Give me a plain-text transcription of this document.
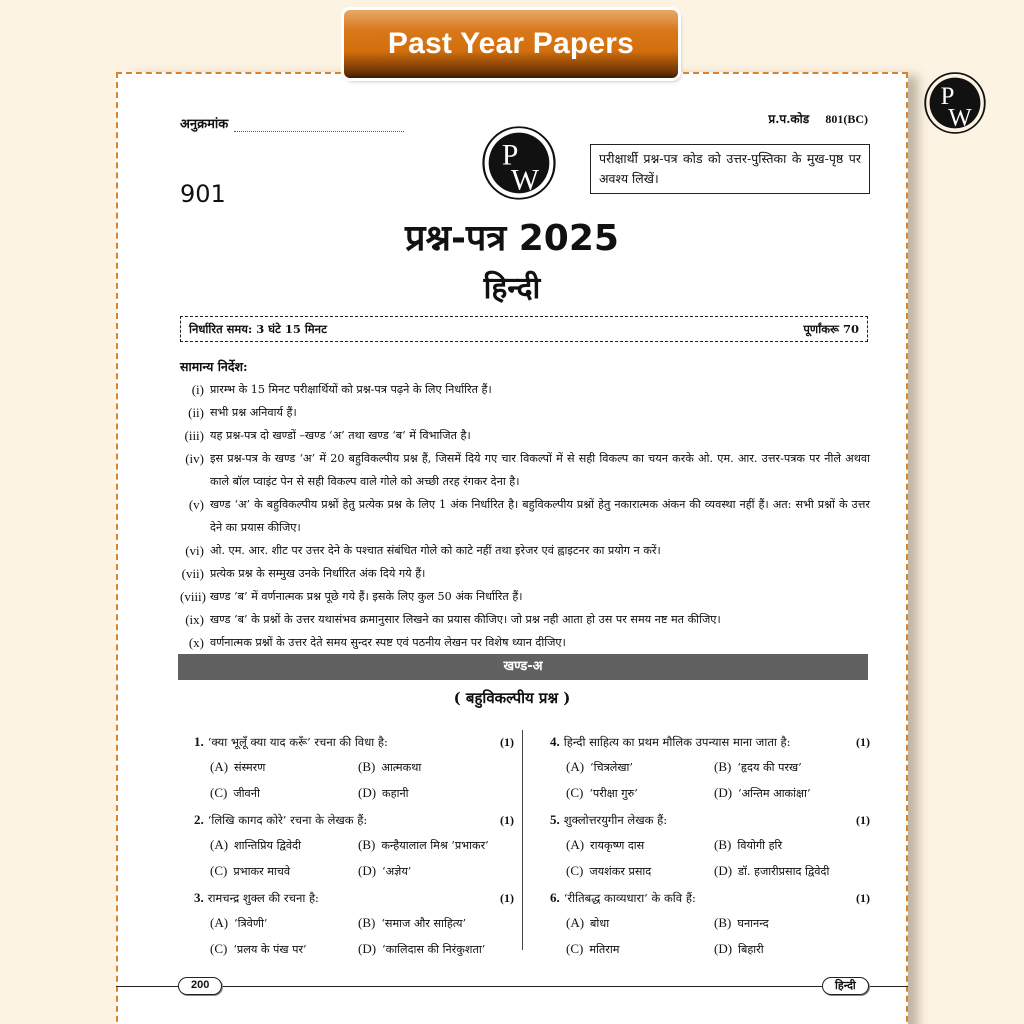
Past Year Papers
P
W
अनुक्रमांक	प्र.प.कोड 801(BC)
901
P
W
परीक्षार्थी प्रश्न-पत्र कोड को उत्तर-पुस्तिका के मुख-पृष्ठ पर अवश्य लिखें।
प्रश्न-पत्र 2025
हिन्दी
निर्धारित समय: 3 घंटे 15 मिनट	पूर्णांकरू 70
सामान्य निर्देश:
(i) प्रारम्भ के 15 मिनट परीक्षार्थियों को प्रश्न-पत्र पढ़ने के लिए निर्धारित हैं।
(ii) सभी प्रश्न अनिवार्य हैं।
(iii) यह प्रश्न-पत्र दो खण्डों –खण्ड ‘अ’ तथा खण्ड ‘ब’ में विभाजित है।
(iv) इस प्रश्न-पत्र के खण्ड ‘अ’ में 20 बहुविकल्पीय प्रश्न हैं, जिसमें दिये गए चार विकल्पों में से सही विकल्प का चयन करके ओ. एम. आर. उत्तर-पत्रक पर नीले अथवा काले बॉल प्वाइंट पेन से सही विकल्प वाले गोले को अच्छी तरह रंगकर देना है।
(v) खण्ड ‘अ’ के बहुविकल्पीय प्रश्नों हेतु प्रत्येक प्रश्न के लिए 1 अंक निर्धारित है। बहुविकल्पीय प्रश्नों हेतु नकारात्मक अंकन की व्यवस्था नहीं हैं। अत: सभी प्रश्नों के उत्तर देने का प्रयास कीजिए।
(vi) ओ. एम. आर. शीट पर उत्तर देने के पश्चात संबंधित गोले को काटे नहीं तथा इरेजर एवं ह्वाइटनर का प्रयोग न करें।
(vii) प्रत्येक प्रश्न के सम्मुख उनके निर्धारित अंक दिये गये हैं।
(viii) खण्ड ‘ब’ में वर्णनात्मक प्रश्न पूछे गये हैं। इसके लिए कुल 50 अंक निर्धारित हैं।
(ix) खण्ड ‘ब’ के प्रश्नों के उत्तर यथासंभव क्रमानुसार लिखने का प्रयास कीजिए। जो प्रश्न नही आता हो उस पर समय नष्ट मत कीजिए।
(x) वर्णनात्मक प्रश्नों के उत्तर देते समय सुन्दर स्पष्ट एवं पठनीय लेखन पर विशेष ध्यान दीजिए।
खण्ड-अ
( बहुविकल्पीय प्रश्न )
1. ‘क्या भूलूँ क्या याद करूँ’ रचना की विधा है:	(1)
(A) संस्मरण	(B) आत्मकथा
(C) जीवनी	(D) कहानी
2. ‘लिखि कागद कोरे’ रचना के लेखक हैं:	(1)
(A) शान्तिप्रिय द्विवेदी	(B) कन्हैयालाल मिश्र ‘प्रभाकर’
(C) प्रभाकर माचवे	(D) ‘अज्ञेय’
3. रामचन्द्र शुक्ल की रचना है:	(1)
(A) ‘त्रिवेणी’	(B) ‘समाज और साहित्य’
(C) ‘प्रलय के पंख पर’	(D) ‘कालिदास की निरंकुशता’
4. हिन्दी साहित्य का प्रथम मौलिक उपन्यास माना जाता है:	(1)
(A) ‘चित्रलेखा’	(B) ‘हृदय की परख’
(C) ‘परीक्षा गुरु’	(D) ‘अन्तिम आकांक्षा’
5. शुक्लोत्तरयुगीन लेखक हैं:	(1)
(A) रायकृष्ण दास	(B) वियोगी हरि
(C) जयशंकर प्रसाद	(D) डॉ. हजारीप्रसाद द्विवेदी
6. ‘रीतिबद्ध काव्यधारा’ के कवि हैं:	(1)
(A) बोधा	(B) घनानन्द
(C) मतिराम	(D) बिहारी
200	हिन्दी
